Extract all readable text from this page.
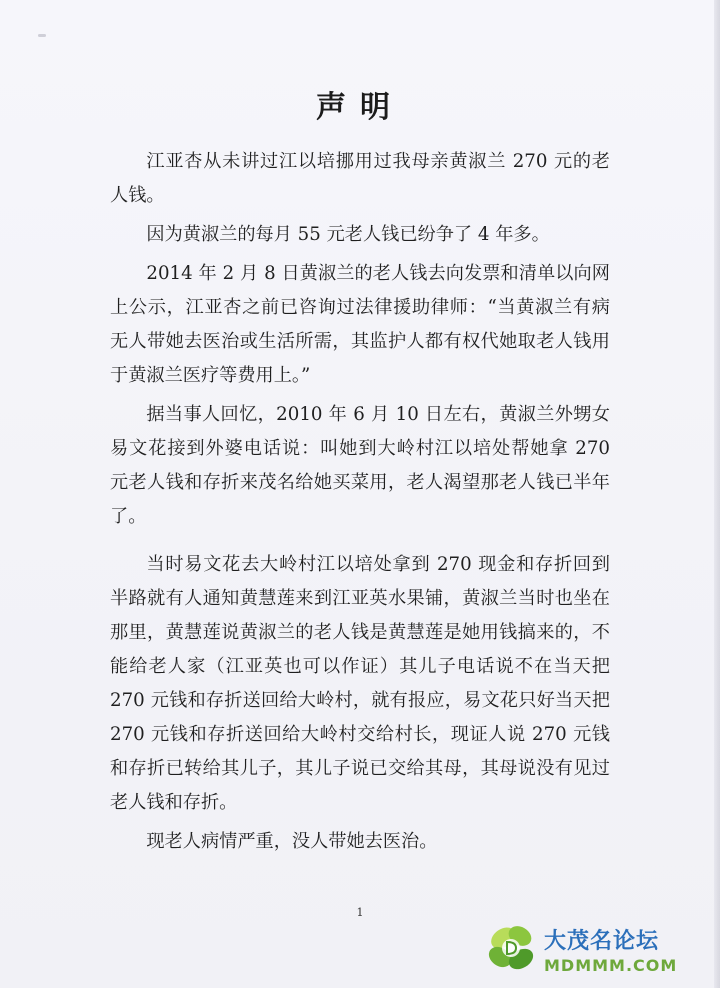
声明

江亚杏从未讲过江以培挪用过我母亲黄淑兰 270 元的老人钱。

因为黄淑兰的每月 55 元老人钱已纷争了 4 年多。

2014 年 2 月 8 日黄淑兰的老人钱去向发票和清单以向网上公示，江亚杏之前已咨询过法律援助律师：“当黄淑兰有病无人带她去医治或生活所需，其监护人都有权代她取老人钱用于黄淑兰医疗等费用上。”

据当事人回忆，2010 年 6 月 10 日左右，黄淑兰外甥女易文花接到外婆电话说：叫她到大岭村江以培处帮她拿 270 元老人钱和存折来茂名给她买菜用，老人渴望那老人钱已半年了。

当时易文花去大岭村江以培处拿到 270 现金和存折回到半路就有人通知黄慧莲来到江亚英水果铺，黄淑兰当时也坐在那里，黄慧莲说黄淑兰的老人钱是黄慧莲是她用钱搞来的，不能给老人家（江亚英也可以作证）其儿子电话说不在当天把 270 元钱和存折送回给大岭村，就有报应，易文花只好当天把 270 元钱和存折送回给大岭村交给村长，现证人说 270 元钱和存折已转给其儿子，其儿子说已交给其母，其母说没有见过老人钱和存折。

现老人病情严重，没人带她去医治。

1
大茂名论坛
MDMMM.COM
